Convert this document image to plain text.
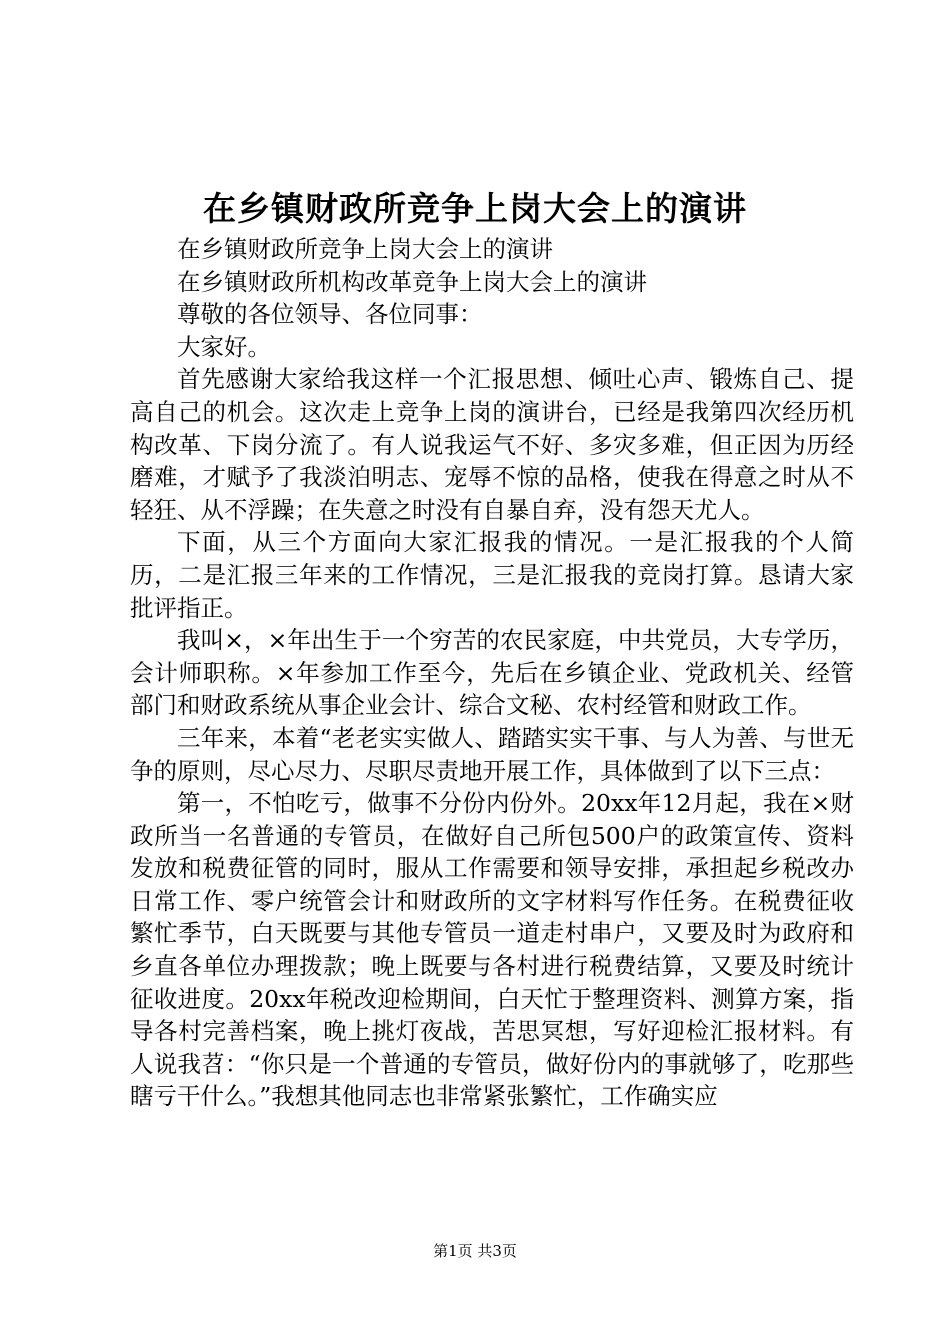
在乡镇财政所竞争上岗大会上的演讲

在乡镇财政所竞争上岗大会上的演讲

在乡镇财政所机构改革竞争上岗大会上的演讲

尊敬的各位领导、各位同事：

大家好。

首先感谢大家给我这样一个汇报思想、倾吐心声、锻炼自己、提高自己的机会。这次走上竞争上岗的演讲台，已经是我第四次经历机构改革、下岗分流了。有人说我运气不好、多灾多难，但正因为历经磨难，才赋予了我淡泊明志、宠辱不惊的品格，使我在得意之时从不轻狂、从不浮躁；在失意之时没有自暴自弃，没有怨天尤人。

下面，从三个方面向大家汇报我的情况。一是汇报我的个人简历，二是汇报三年来的工作情况，三是汇报我的竞岗打算。恳请大家批评指正。

我叫×，×年出生于一个穷苦的农民家庭，中共党员，大专学历，会计师职称。×年参加工作至今，先后在乡镇企业、党政机关、经管部门和财政系统从事企业会计、综合文秘、农村经管和财政工作。

三年来，本着“老老实实做人、踏踏实实干事、与人为善、与世无争的原则，尽心尽力、尽职尽责地开展工作，具体做到了以下三点：

第一，不怕吃亏，做事不分份内份外。20xx年12月起，我在×财政所当一名普通的专管员，在做好自己所包500户的政策宣传、资料发放和税费征管的同时，服从工作需要和领导安排，承担起乡税改办日常工作、零户统管会计和财政所的文字材料写作任务。在税费征收繁忙季节，白天既要与其他专管员一道走村串户，又要及时为政府和乡直各单位办理拨款；晚上既要与各村进行税费结算，又要及时统计征收进度。20xx年税改迎检期间，白天忙于整理资料、测算方案，指导各村完善档案，晚上挑灯夜战，苦思冥想，写好迎检汇报材料。有人说我苕：“你只是一个普通的专管员，做好份内的事就够了，吃那些瞎亏干什么。”我想其他同志也非常紧张繁忙，工作确实应

第1页 共3页
